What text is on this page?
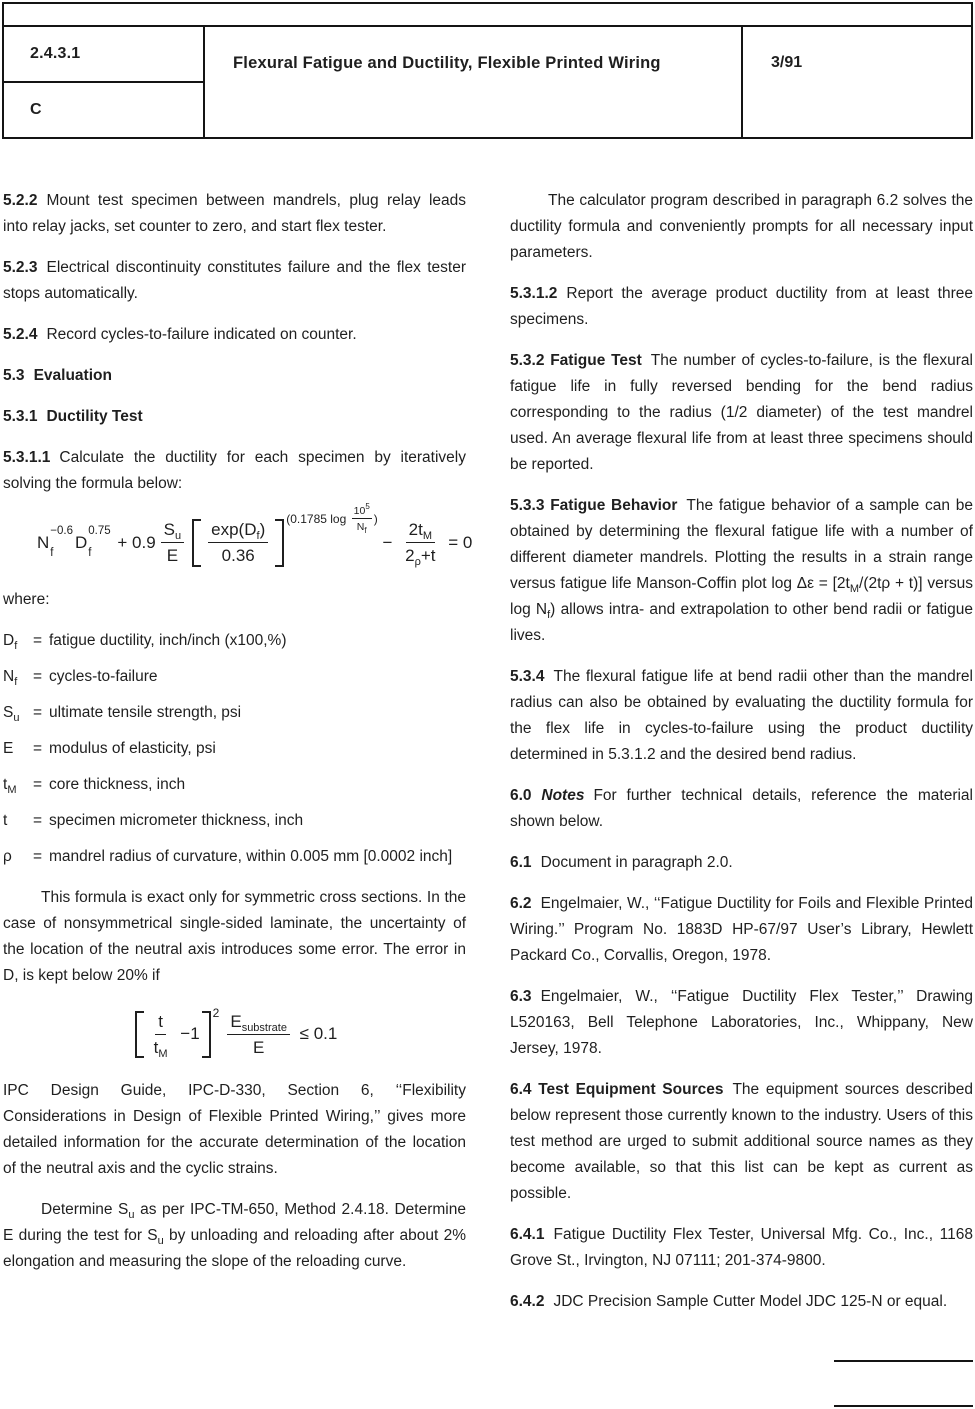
2.4.3.1
C
Flexural Fatigue and Ductility, Flexible Printed Wiring	3/91

5.2.2 Mount test specimen between mandrels, plug relay leads into relay jacks, set counter to zero, and start flex tester.

5.2.3 Electrical discontinuity constitutes failure and the flex tester stops automatically.

5.2.4 Record cycles-to-failure indicated on counter.

5.3 Evaluation

5.3.1 Ductility Test

5.3.1.1 Calculate the ductility for each specimen by iteratively solving the formula below:

N
−0.6
f
D
0.75
f
+ $0.9 \frac{S_u}{E} \frac{\exp(D_f)}{0.36}$
(0.1785 $\log \frac{10^5}{N_f}$ )
− $\frac{2t_M}{2_\rho+t} = 0$

where:

$D_f$	= fatigue ductility, inch/inch (x100,%)
$N_f$	= cycles-to-failure
$S_u$ = ultimate tensile strength, psi
E	= modulus of elasticity, psi
$t_M$	= core thickness, inch
t	= specimen micrometer thickness, inch
ρ	= mandrel radius of curvature, within 0.005 mm [0.0002 inch]

This formula is exact only for symmetric cross sections. In the case of nonsymmetrical single-sided laminate, the uncertainty of the location of the neutral axis introduces some error. The error in D, is kept below 20% if

$\frac{t}{t_M} -1$
$2 \frac{E_{substrate}}{E} \le 0.1$

IPC Design Guide, IPC-D-330, Section 6, ‘‘Flexibility Considerations in Design of Flexible Printed Wiring,’’ gives more detailed information for the accurate determination of the location of the neutral axis and the cyclic strains.

Determine $S_u$ as per IPC-TM-650, Method 2.4.18. Determine E during the test for $S_u$ by unloading and reloading after about 2% elongation and measuring the slope of the reloading curve.

The calculator program described in paragraph 6.2 solves the ductility formula and conveniently prompts for all necessary input parameters.

5.3.1.2 Report the average product ductility from at least three specimens.

5.3.2 Fatigue Test The number of cycles-to-failure, is the flexural fatigue life in fully reversed bending for the bend radius corresponding to the radius (1/2 diameter) of the test mandrel used. An average flexural life from at least three specimens should be reported.

5.3.3 Fatigue Behavior The fatigue behavior of a sample can be obtained by determining the flexural fatigue life with a number of different diameter mandrels. Plotting the results in a strain range versus fatigue life Manson-Coffin plot $\log \Delta\varepsilon = [2t_M/(2t\rho + t)]$ versus $\log N_f$) allows intra- and extrapolation to other bend radii or fatigue lives.

5.3.4 The flexural fatigue life at bend radii other than the mandrel radius can also be obtained by evaluating the ductility formula for the flex life in cycles-to-failure using the product ductility determined in 5.3.1.2 and the desired bend radius.

6.0 Notes For further technical details, reference the material shown below.

6.1 Document in paragraph 2.0.

6.2 Engelmaier, W., ‘‘Fatigue Ductility for Foils and Flexible Printed Wiring.’’ Program No. 1883D HP-67/97 User’s Library, Hewlett Packard Co., Corvallis, Oregon, 1978.

6.3 Engelmaier, W., ‘‘Fatigue Ductility Flex Tester,’’ Drawing L520163, Bell Telephone Laboratories, Inc., Whippany, New Jersey, 1978.

6.4 Test Equipment Sources The equipment sources described below represent those currently known to the industry. Users of this test method are urged to submit additional source names as they become available, so that this list can be kept as current as possible.

6.4.1 Fatigue Ductility Flex Tester, Universal Mfg. Co., Inc., 1168 Grove St., Irvington, NJ 07111; 201-374-9800.

6.4.2 JDC Precision Sample Cutter Model JDC 125-N or equal.
